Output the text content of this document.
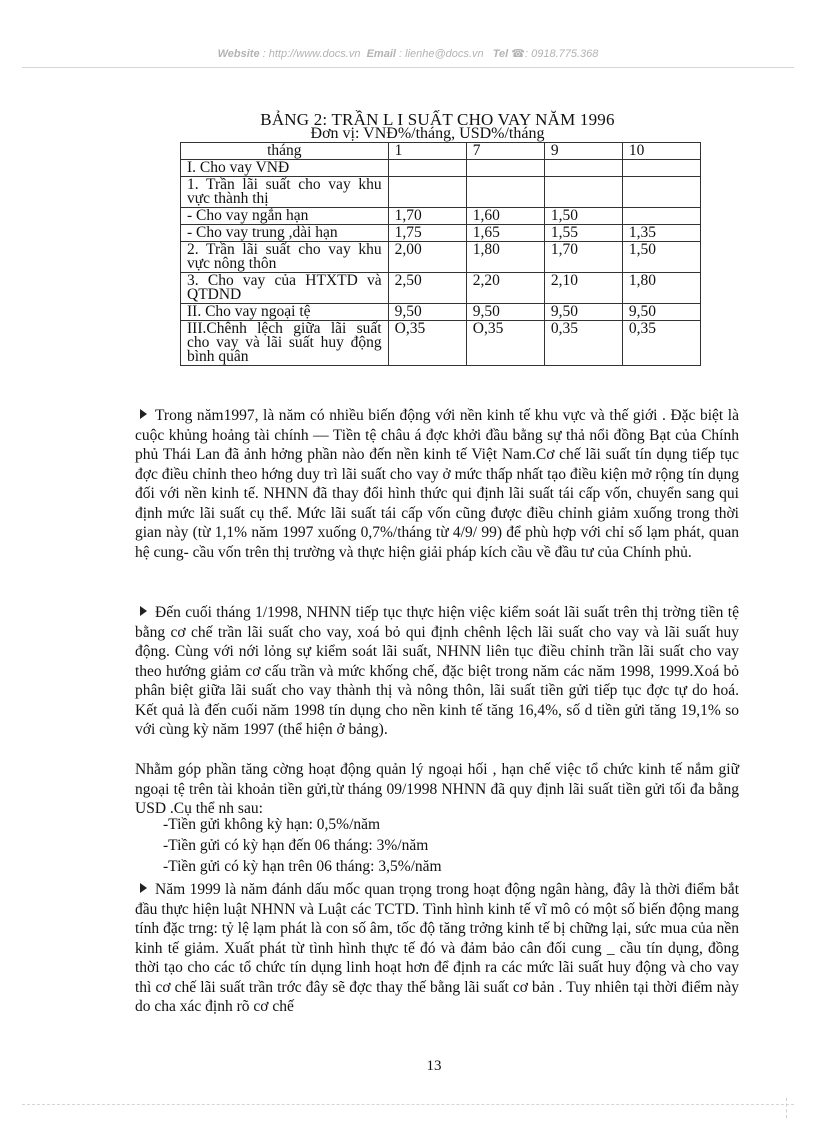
Website : http://www.docs.vn Email : lienhe@docs.vn Tel ☎: 0918.775.368
BẢNG 2: TRẦN L I SUẤT CHO VAY NĂM 1996
Đơn vị: VNĐ%/tháng, USD%/tháng
tháng	1	7	9	10
I. Cho vay VNĐ				
1. Trần lãi suất cho vay khu vực thành thị				
- Cho vay ngắn hạn	1,70	1,60	1,50	
- Cho vay trung ,dài hạn	1,75	1,65	1,55	1,35
2. Trần lãi suất cho vay khu vực nông thôn	2,00	1,80	1,70	1,50
3. Cho vay của HTXTD và QTDND	2,50	2,20	2,10	1,80
II. Cho vay ngoại tệ	9,50	9,50	9,50	9,50
III.Chênh lệch giữa lãi suất cho vay và lãi suất huy động bình quân	O,35	O,35	0,35	0,35
Trong năm1997, là năm có nhiều biến động với nền kinh tế khu vực và thế giới . Đặc biệt là cuộc khủng hoảng tài chính — Tiền tệ châu á đợc khởi đầu bằng sự thả nổi đồng Bạt của Chính phủ Thái Lan đã ảnh hởng phần nào đến nền kinh tế Việt Nam.Cơ chế lãi suất tín dụng tiếp tục đợc điều chỉnh theo hớng duy trì lãi suất cho vay ở mức thấp nhất tạo điều kiện mở rộng tín dụng đối với nền kinh tế. NHNN đã thay đổi hình thức qui định lãi suất tái cấp vốn, chuyển sang qui định mức lãi suất cụ thể. Mức lãi suất tái cấp vốn cũng được điều chỉnh giảm xuống trong thời gian này (từ 1,1% năm 1997 xuống 0,7%/tháng từ 4/9/ 99) để phù hợp với chỉ số lạm phát, quan hệ cung- cầu vốn trên thị trường và thực hiện giải pháp kích cầu về đầu tư của Chính phủ.
Đến cuối tháng 1/1998, NHNN tiếp tục thực hiện việc kiểm soát lãi suất trên thị trờng tiền tệ bằng cơ chế trần lãi suất cho vay, xoá bỏ qui định chênh lệch lãi suất cho vay và lãi suất huy động. Cùng với nới lỏng sự kiểm soát lãi suất, NHNN liên tục điều chỉnh trần lãi suất cho vay theo hướng giảm cơ cấu trần và mức khống chế, đặc biệt trong năm các năm 1998, 1999.Xoá bỏ phân biệt giữa lãi suất cho vay thành thị và nông thôn, lãi suất tiền gửi tiếp tục đợc tự do hoá. Kết quả là đến cuối năm 1998 tín dụng cho nền kinh tế tăng 16,4%, số d tiền gửi tăng 19,1% so với cùng kỳ năm 1997 (thể hiện ở bảng).
Nhằm góp phần tăng cờng hoạt động quản lý ngoại hối , hạn chế việc tổ chức kinh tế nắm giữ ngoại tệ trên tài khoản tiền gửi,từ tháng 09/1998 NHNN đã quy định lãi suất tiền gửi tối đa bằng USD .Cụ thể nh sau:
-Tiền gửi không kỳ hạn: 0,5%/năm
-Tiền gửi có kỳ hạn đến 06 tháng: 3%/năm
-Tiền gửi có kỳ hạn trên 06 tháng: 3,5%/năm
Năm 1999 là năm đánh dấu mốc quan trọng trong hoạt động ngân hàng, đây là thời điểm bắt đầu thực hiện luật NHNN và Luật các TCTD. Tình hình kinh tế vĩ mô có một số biến động mang tính đặc trng: tỷ lệ lạm phát là con số âm, tốc độ tăng trởng kinh tế bị chững lại, sức mua của nền kinh tế giảm. Xuất phát từ tình hình thực tế đó và đảm bảo cân đối cung _ cầu tín dụng, đồng thời tạo cho các tổ chức tín dụng linh hoạt hơn để định ra các mức lãi suất huy động và cho vay thì cơ chế lãi suất trần trớc đây sẽ đợc thay thế bằng lãi suất cơ bản . Tuy nhiên tại thời điểm này do cha xác định rõ cơ chế
13
